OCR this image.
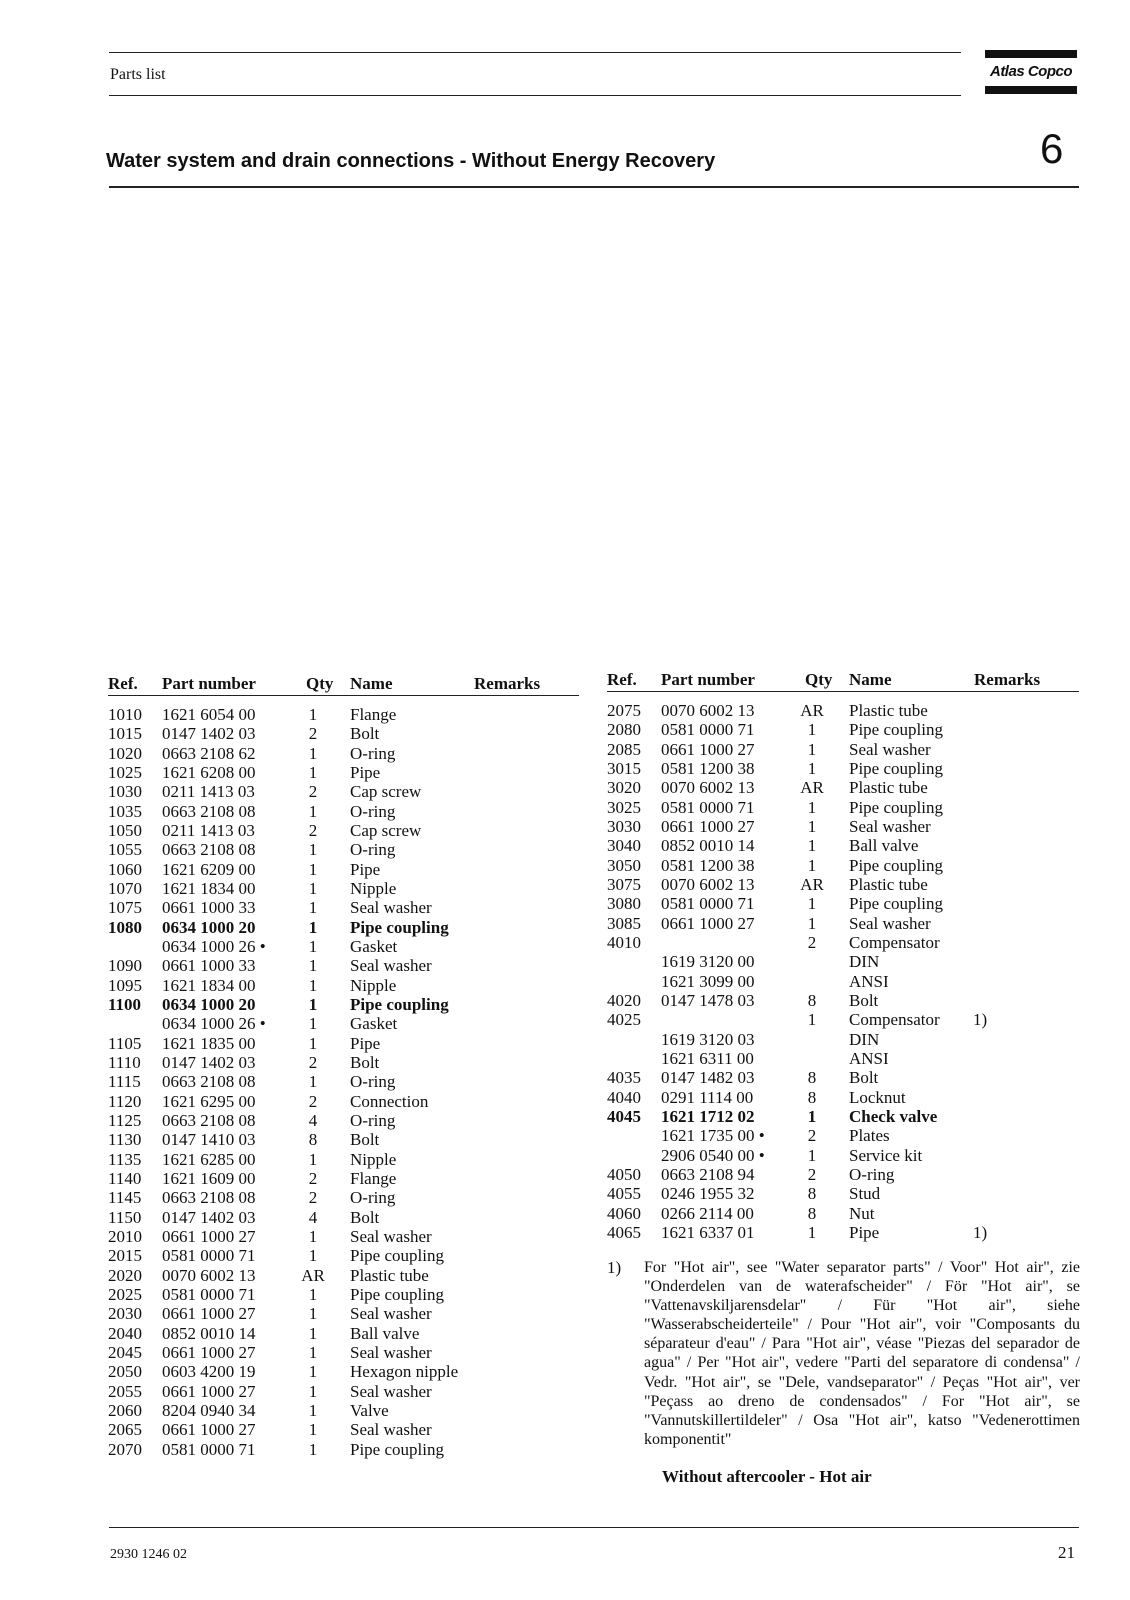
Parts list	Atlas Copco
Water system and drain connections - Without Energy Recovery	6
Ref. Part number	Qty Name	Remarks
1010 1621 6054 00	1	Flange
1015 0147 1402 03	2	Bolt
1020 0663 2108 62	1	O-ring
1025 1621 6208 00	1	Pipe
1030 0211 1413 03	2	Cap screw
1035 0663 2108 08	1	O-ring
1050 0211 1413 03	2	Cap screw
1055 0663 2108 08	1	O-ring
1060 1621 6209 00	1	Pipe
1070 1621 1834 00	1	Nipple
1075 0661 1000 33	1	Seal washer
1080 0634 1000 20	1	Pipe coupling
0634 1000 26 •	1	Gasket
1090 0661 1000 33	1	Seal washer
1095 1621 1834 00	1	Nipple
1100 0634 1000 20	1	Pipe coupling
0634 1000 26 •	1	Gasket
1105 1621 1835 00	1	Pipe
1110 0147 1402 03	2	Bolt
1115 0663 2108 08	1	O-ring
1120 1621 6295 00	2	Connection
1125 0663 2108 08	4	O-ring
1130 0147 1410 03	8	Bolt
1135 1621 6285 00	1	Nipple
1140 1621 1609 00	2	Flange
1145 0663 2108 08	2	O-ring
1150 0147 1402 03	4	Bolt
2010 0661 1000 27	1	Seal washer
2015 0581 0000 71	1	Pipe coupling
2020 0070 6002 13	AR Plastic tube
2025 0581 0000 71	1	Pipe coupling
2030 0661 1000 27	1	Seal washer
2040 0852 0010 14	1	Ball valve
2045 0661 1000 27	1	Seal washer
2050 0603 4200 19	1	Hexagon nipple
2055 0661 1000 27	1	Seal washer
2060 8204 0940 34	1	Valve
2065 0661 1000 27	1	Seal washer
2070 0581 0000 71	1	Pipe coupling
Ref. Part number	Qty Name	Remarks
2075 0070 6002 13	AR Plastic tube
2080 0581 0000 71	1	Pipe coupling
2085 0661 1000 27	1	Seal washer
3015 0581 1200 38	1	Pipe coupling
3020 0070 6002 13	AR Plastic tube
3025 0581 0000 71	1	Pipe coupling
3030 0661 1000 27	1	Seal washer
3040 0852 0010 14	1	Ball valve
3050 0581 1200 38	1	Pipe coupling
3075 0070 6002 13	AR Plastic tube
3080 0581 0000 71	1	Pipe coupling
3085 0661 1000 27	1	Seal washer
4010	2	Compensator
1619 3120 00	DIN
1621 3099 00	ANSI
4020 0147 1478 03	8	Bolt
4025	1	Compensator 1)
1619 3120 03	DIN
1621 6311 00	ANSI
4035 0147 1482 03	8	Bolt
4040 0291 1114 00	8	Locknut
4045 1621 1712 02	1	Check valve
1621 1735 00 •	2	Plates
2906 0540 00 •	1	Service kit
4050 0663 2108 94	2	O-ring
4055 0246 1955 32	8	Stud
4060 0266 2114 00	8	Nut
4065 1621 6337 01	1	Pipe	1)
1) For "Hot air", see "Water separator parts" / Voor" Hot air", zie "Onderdelen van de waterafscheider" / För "Hot air", se "Vattenavskiljarensdelar" / Für "Hot air", siehe "Wasserabscheiderteile" / Pour "Hot air", voir "Composants du séparateur d'eau" / Para "Hot air", véase "Piezas del separador de agua" / Per "Hot air", vedere "Parti del separatore di condensa" / Vedr. "Hot air", se "Dele, vandseparator" / Peças "Hot air", ver "Peçass ao dreno de condensados" / For "Hot air", se "Vannutskillertildeler" / Osa "Hot air", katso "Vedenerottimen komponentit"
Without aftercooler - Hot air
2930 1246 02	21
